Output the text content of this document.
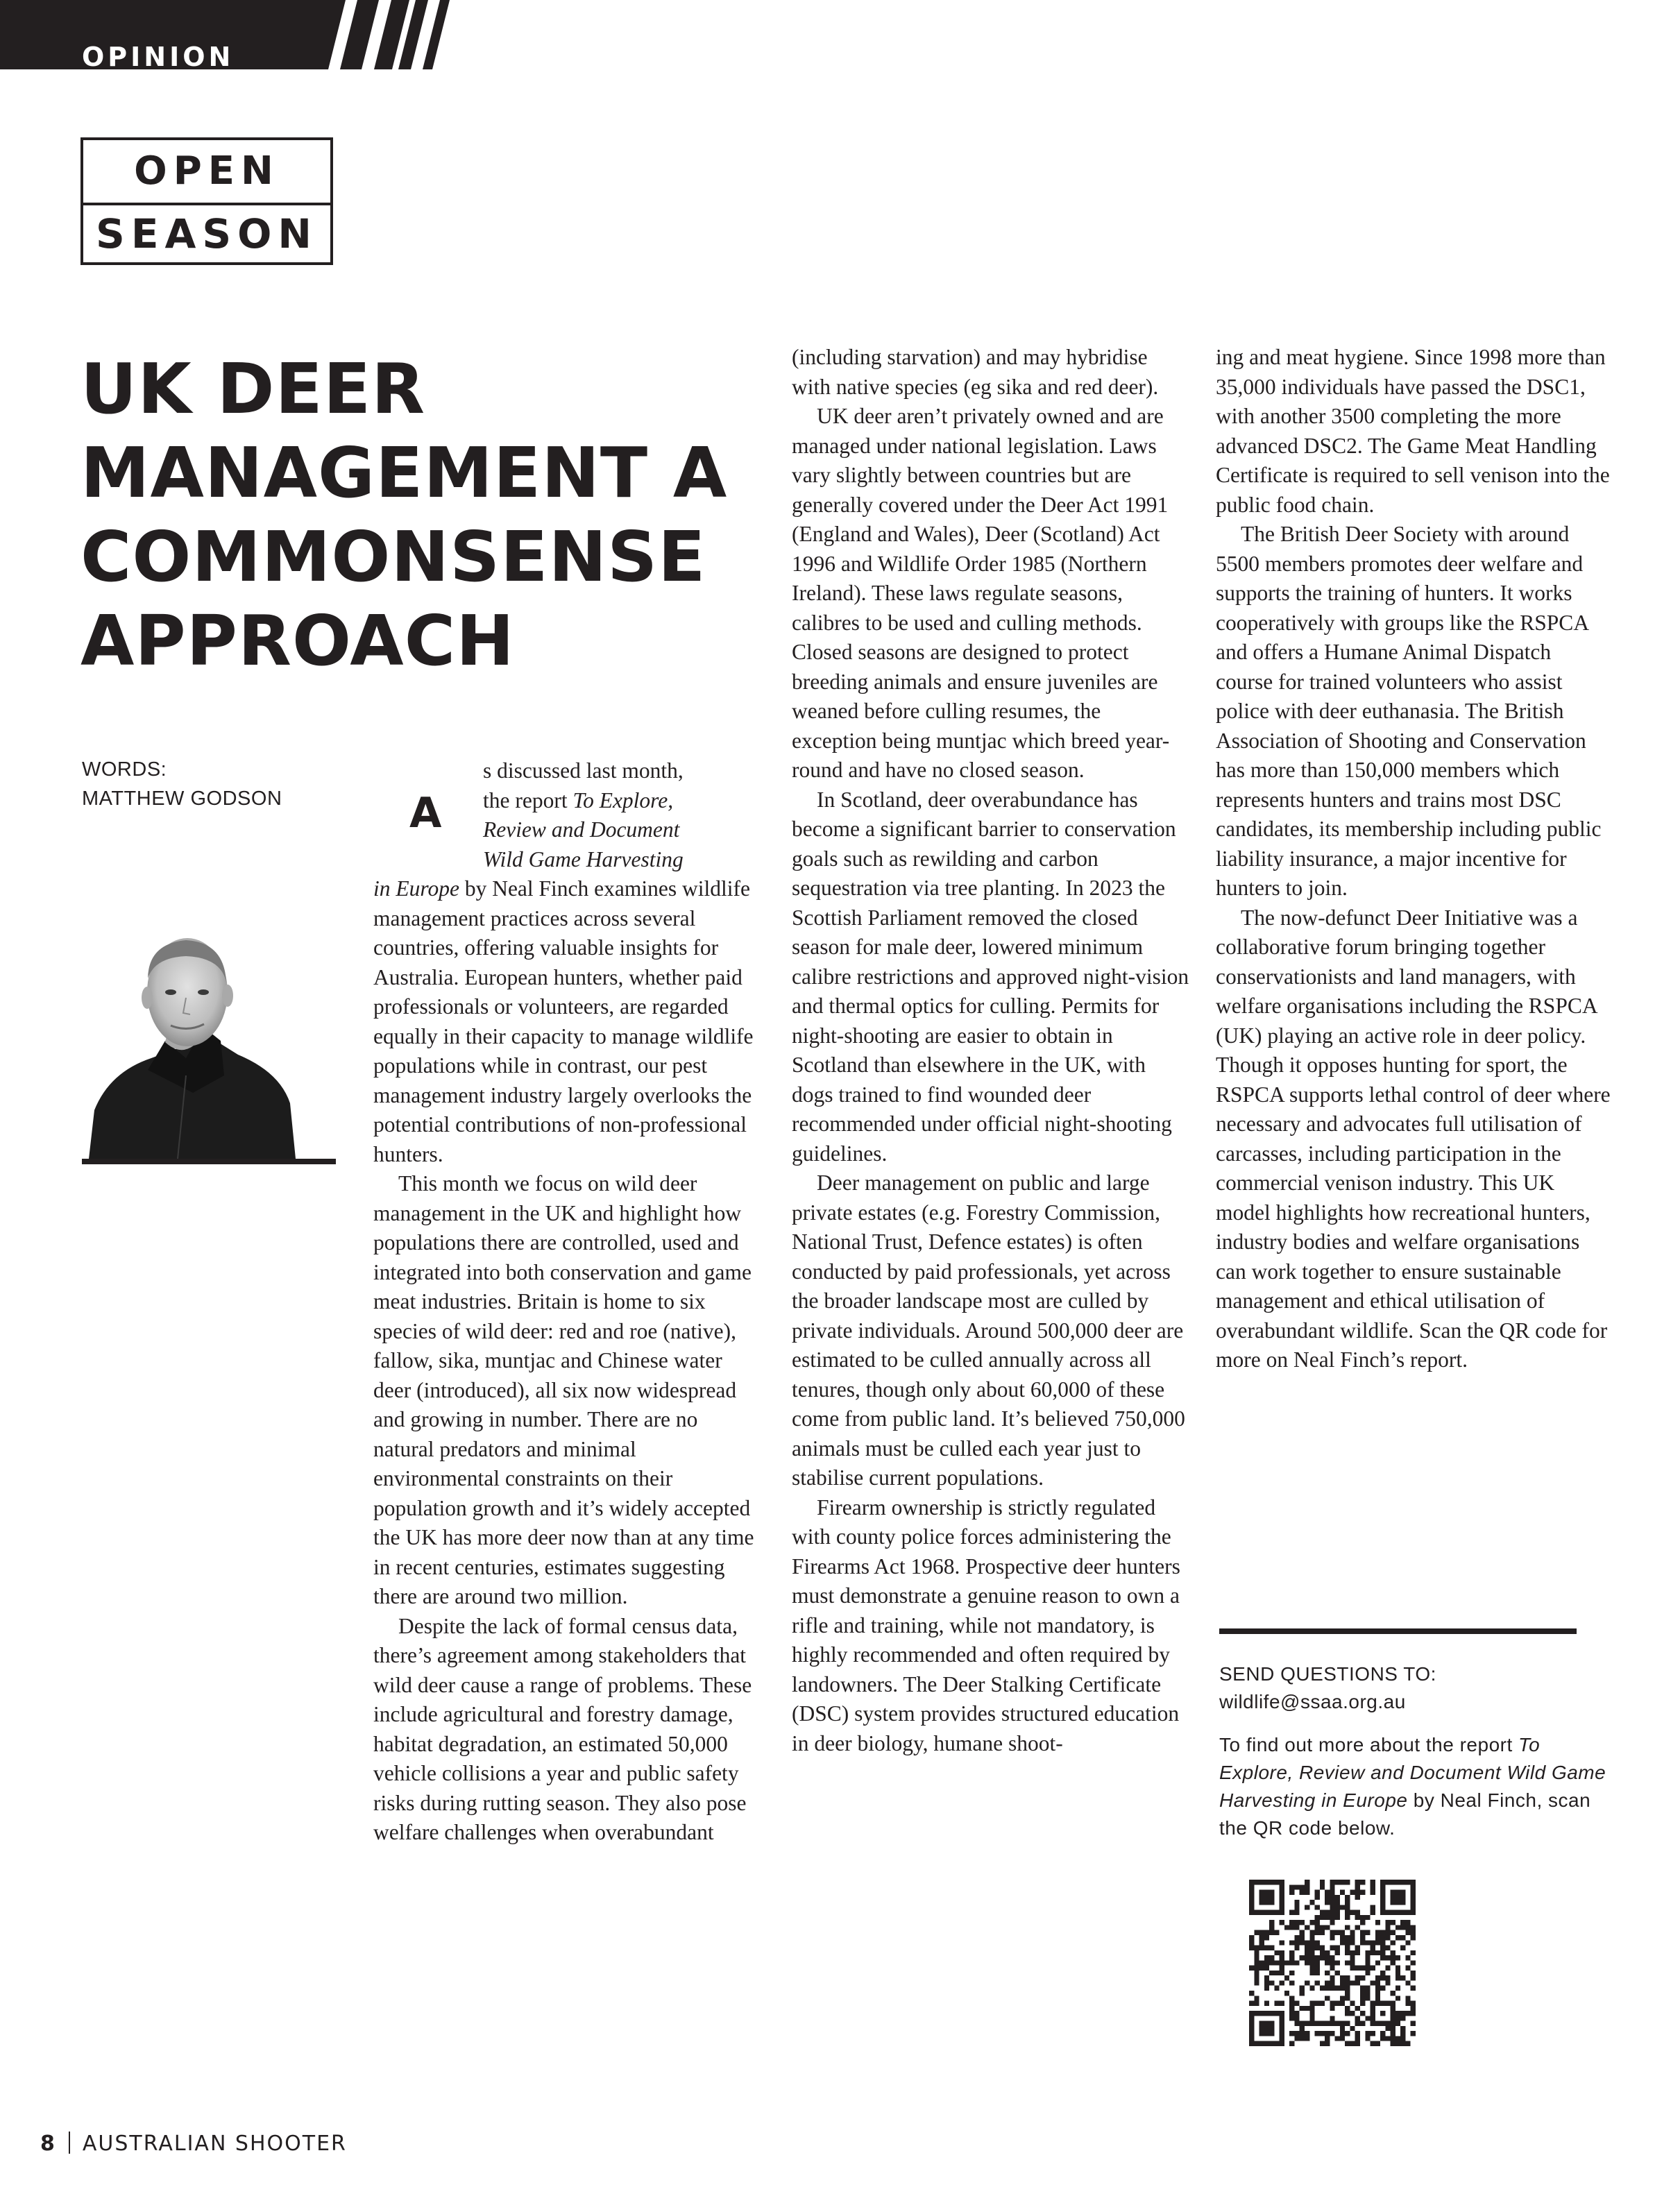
OPINION
OPEN
SEASON
UK DEER
MANAGEMENT A
COMMONSENSE
APPROACH
WORDS:
MATTHEW GODSON	A
s discussed last month,
the report To Explore,
Review and Document
Wild Game Harvesting

in Europe by Neal Finch examines wildlife management practices across several countries, offering valuable insights for Australia. European hunters, whether paid professionals or volunteers, are regarded equally in their capacity to manage wildlife populations while in contrast, our pest management industry largely overlooks the potential contributions of non-professional hunters.

This month we focus on wild deer management in the UK and highlight how populations there are controlled, used and integrated into both conservation and game meat industries. Britain is home to six species of wild deer: red and roe (native), fallow, sika, muntjac and Chinese water deer (introduced), all six now widespread and growing in number. There are no natural predators and minimal environmental constraints on their population growth and it’s widely accepted the UK has more deer now than at any time in recent centuries, estimates suggesting there are around two million.

Despite the lack of formal census data, there’s agreement among stakeholders that wild deer cause a range of problems. These include agricultural and forestry damage, habitat degradation, an estimated 50,000 vehicle collisions a year and public safety risks during rutting season. They also pose welfare challenges when overabundant

(including starvation) and may hybridise with native species (eg sika and red deer).

UK deer aren’t privately owned and are managed under national legislation. Laws vary slightly between countries but are generally covered under the Deer Act 1991 (England and Wales), Deer (Scotland) Act 1996 and Wildlife Order 1985 (Northern Ireland). These laws regulate seasons, calibres to be used and culling methods. Closed seasons are designed to protect breeding animals and ensure juveniles are weaned before culling resumes, the exception being muntjac which breed year-round and have no closed season.

In Scotland, deer overabundance has become a significant barrier to conservation goals such as rewilding and carbon sequestration via tree planting. In 2023 the Scottish Parliament removed the closed season for male deer, lowered minimum calibre restrictions and approved night-vision and thermal optics for culling. Permits for night-shooting are easier to obtain in Scotland than elsewhere in the UK, with dogs trained to find wounded deer recommended under official night-shooting guidelines.

Deer management on public and large private estates (e.g. Forestry Commission, National Trust, Defence estates) is often conducted by paid professionals, yet across the broader landscape most are culled by private individuals. Around 500,000 deer are estimated to be culled annually across all tenures, though only about 60,000 of these come from public land. It’s believed 750,000 animals must be culled each year just to stabilise current populations.

Firearm ownership is strictly regulated with county police forces administering the Firearms Act 1968. Prospective deer hunters must demonstrate a genuine reason to own a rifle and training, while not mandatory, is highly recommended and often required by landowners. The Deer Stalking Certificate (DSC) system provides structured education in deer biology, humane shoot-

ing and meat hygiene. Since 1998 more than 35,000 individuals have passed the DSC1, with another 3500 completing the more advanced DSC2. The Game Meat Handling Certificate is required to sell venison into the public food chain.

The British Deer Society with around 5500 members promotes deer welfare and supports the training of hunters. It works cooperatively with groups like the RSPCA and offers a Humane Animal Dispatch course for trained volunteers who assist police with deer euthanasia. The British Association of Shooting and Conservation has more than 150,000 members which represents hunters and trains most DSC candidates, its membership including public liability insurance, a major incentive for hunters to join.

The now-defunct Deer Initiative was a collaborative forum bringing together conservationists and land managers, with welfare organisations including the RSPCA (UK) playing an active role in deer policy. Though it opposes hunting for sport, the RSPCA supports lethal control of deer where necessary and advocates full utilisation of carcasses, including participation in the commercial venison industry. This UK model highlights how recreational hunters, industry bodies and welfare organisations can work together to ensure sustainable management and ethical utilisation of overabundant wildlife. Scan the QR code for more on Neal Finch’s report.

SEND QUESTIONS TO:
wildlife@ssaa.org.au
To find out more about the report To Explore, Review and Document Wild Game Harvesting in Europe by Neal Finch, scan the QR code below.
8 AUSTRALIAN SHOOTER
